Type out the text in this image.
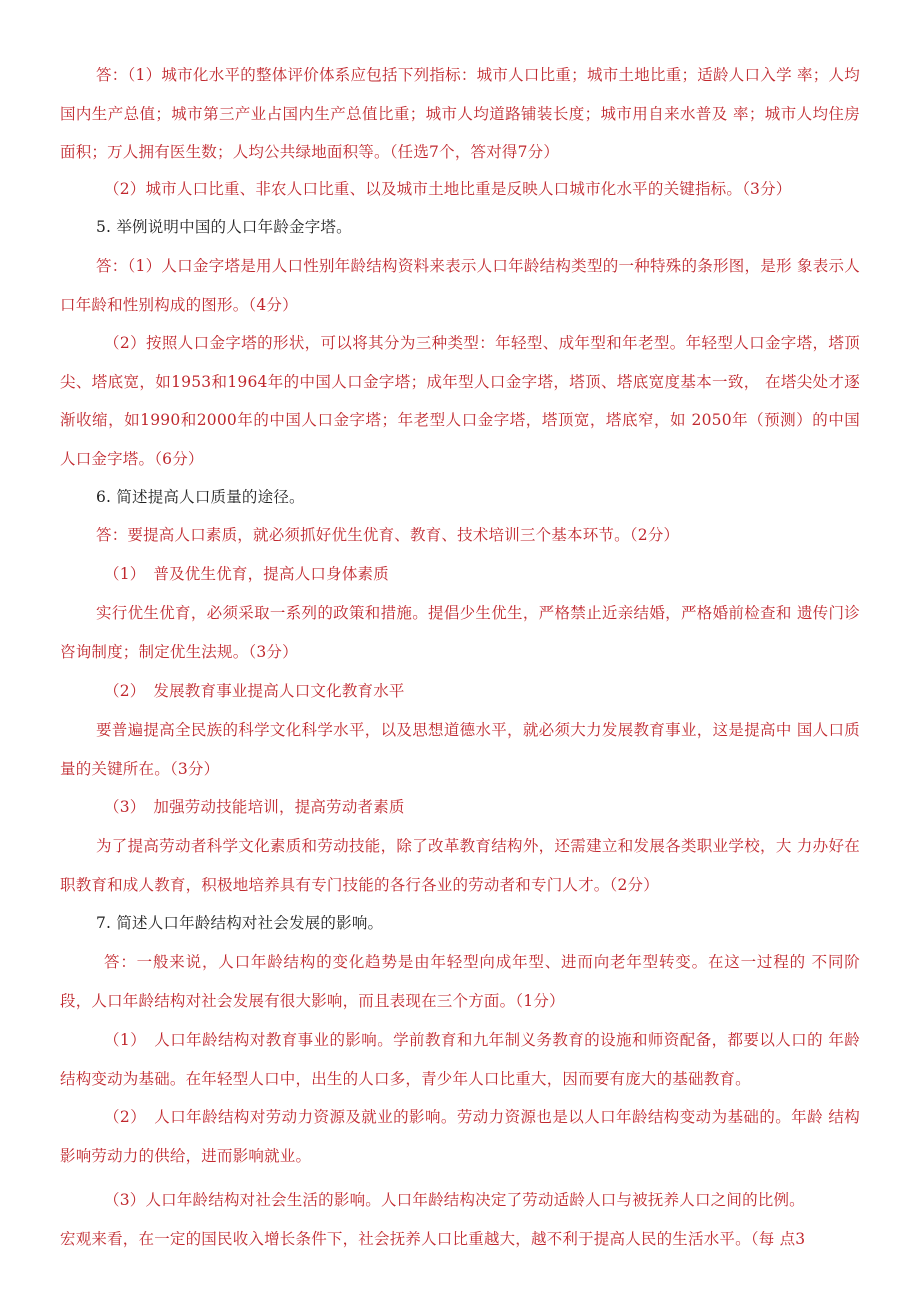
答：（1）城市化水平的整体评价体系应包括下列指标：城市人口比重；城市土地比重；适龄人口入学 率；人均国内生产总值；城市第三产业占国内生产总值比重；城市人均道路铺装长度；城市用自来水普及 率；城市人均住房面积；万人拥有医生数；人均公共绿地面积等。（任选7个，答对得7分）
（2）城市人口比重、非农人口比重、以及城市土地比重是反映人口城市化水平的关键指标。（3分）
5. 举例说明中国的人口年龄金字塔。
答：（1）人口金字塔是用人口性别年龄结构资料来表示人口年龄结构类型的一种特殊的条形图，是形 象表示人口年龄和性别构成的图形。（4分）
（2）按照人口金字塔的形状，可以将其分为三种类型：年轻型、成年型和年老型。年轻型人口金字塔，塔顶尖、塔底宽，如1953和1964年的中国人口金字塔；成年型人口金字塔，塔顶、塔底宽度基本一致， 在塔尖处才逐渐收缩，如1990和2000年的中国人口金字塔；年老型人口金字塔，塔顶宽，塔底窄，如 2050年（预测）的中国人口金字塔。（6分）
6. 简述提高人口质量的途径。
答：要提高人口素质，就必须抓好优生优育、教育、技术培训三个基本环节。（2分）
（1）　普及优生优育，提高人口身体素质
实行优生优育，必须采取一系列的政策和措施。提倡少生优生，严格禁止近亲结婚，严格婚前检查和 遗传门诊咨询制度；制定优生法规。（3分）
（2）　发展教育事业提高人口文化教育水平
要普遍提高全民族的科学文化科学水平，以及思想道德水平，就必须大力发展教育事业，这是提高中 国人口质量的关键所在。（3分）
（3）　加强劳动技能培训，提高劳动者素质
为了提高劳动者科学文化素质和劳动技能，除了改革教育结构外，还需建立和发展各类职业学校，大 力办好在职教育和成人教育，积极地培养具有专门技能的各行各业的劳动者和专门人才。（2分）
7. 简述人口年龄结构对社会发展的影响。
答：一般来说，人口年龄结构的变化趋势是由年轻型向成年型、进而向老年型转变。在这一过程的 不同阶段，人口年龄结构对社会发展有很大影响，而且表现在三个方面。（1分）
（1）　人口年龄结构对教育事业的影响。学前教育和九年制义务教育的设施和师资配备，都要以人口的 年龄结构变动为基础。在年轻型人口中，出生的人口多，青少年人口比重大，因而要有庞大的基础教育。
（2）　人口年龄结构对劳动力资源及就业的影响。劳动力资源也是以人口年龄结构变动为基础的。年龄 结构影响劳动力的供给，进而影响就业。
（3）人口年龄结构对社会生活的影响。人口年龄结构决定了劳动适龄人口与被抚养人口之间的比例。
宏观来看，在一定的国民收入增长条件下，社会抚养人口比重越大，越不利于提高人民的生活水平。（每 点3
